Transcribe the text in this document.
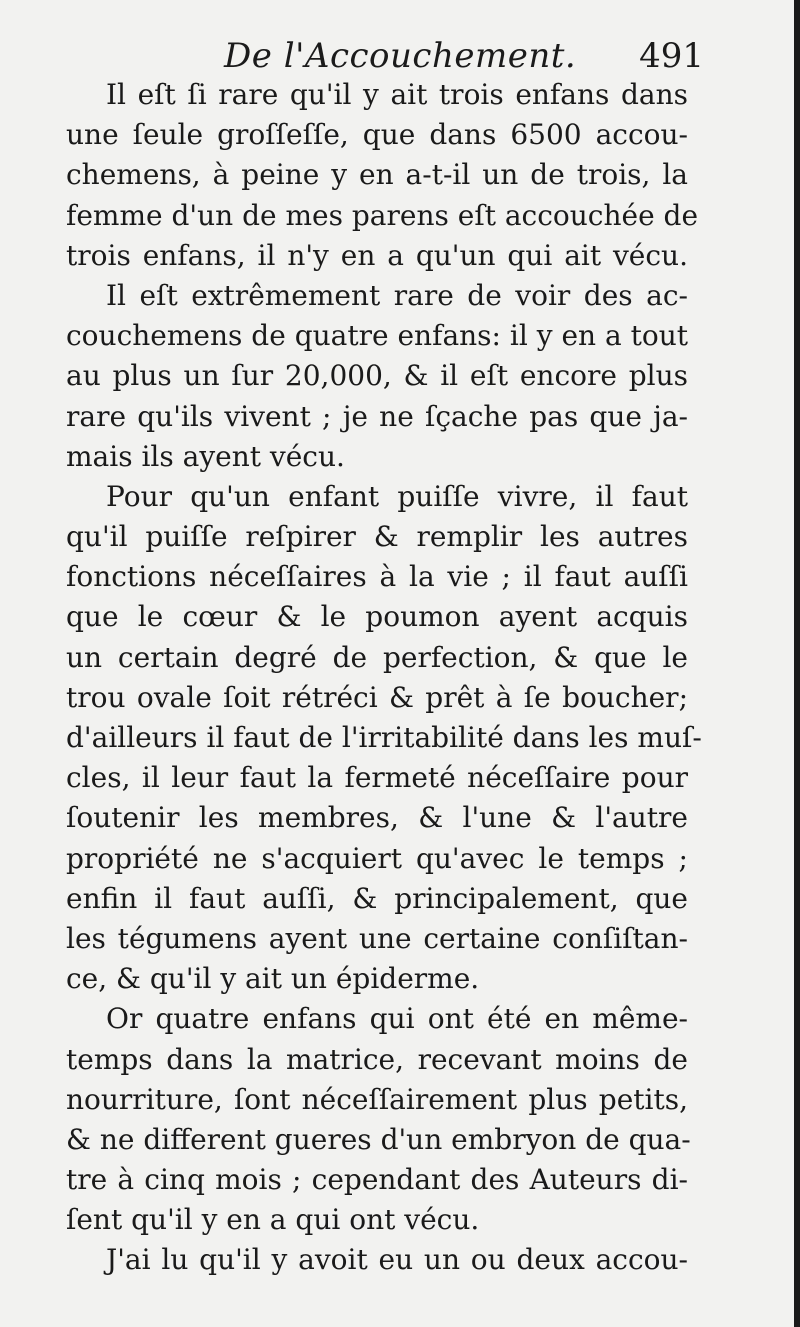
De l'Accouchement. 491

Il eſt ſi rare qu'il y ait trois enfans dans
une ſeule groſſeſſe, que dans 6500 accou-
chemens, à peine y en a-t-il un de trois, la
femme d'un de mes parens eſt accouchée de
trois enfans, il n'y en a qu'un qui ait vécu.

Il eſt extrêmement rare de voir des ac-
couchemens de quatre enfans: il y en a tout
au plus un ſur 20,000, & il eſt encore plus
rare qu'ils vivent ; je ne ſçache pas que ja-
mais ils ayent vécu.

Pour qu'un enfant puiſſe vivre, il faut
qu'il puiſſe reſpirer & remplir les autres
fonctions néceſſaires à la vie ; il faut auſſi
que le cœur & le poumon ayent acquis
un certain degré de perfection, & que le
trou ovale ſoit rétréci & prêt à ſe boucher;
d'ailleurs il faut de l'irritabilité dans les muſ-
cles, il leur faut la fermeté néceſſaire pour
ſoutenir les membres, & l'une & l'autre
propriété ne s'acquiert qu'avec le temps ;
enfin il faut auſſi, & principalement, que
les tégumens ayent une certaine conſiſtan-
ce, & qu'il y ait un épiderme.

Or quatre enfans qui ont été en même-
temps dans la matrice, recevant moins de
nourriture, ſont néceſſairement plus petits,
& ne different gueres d'un embryon de qua-
tre à cinq mois ; cependant des Auteurs di-
ſent qu'il y en a qui ont vécu.

J'ai lu qu'il y avoit eu un ou deux accou-
